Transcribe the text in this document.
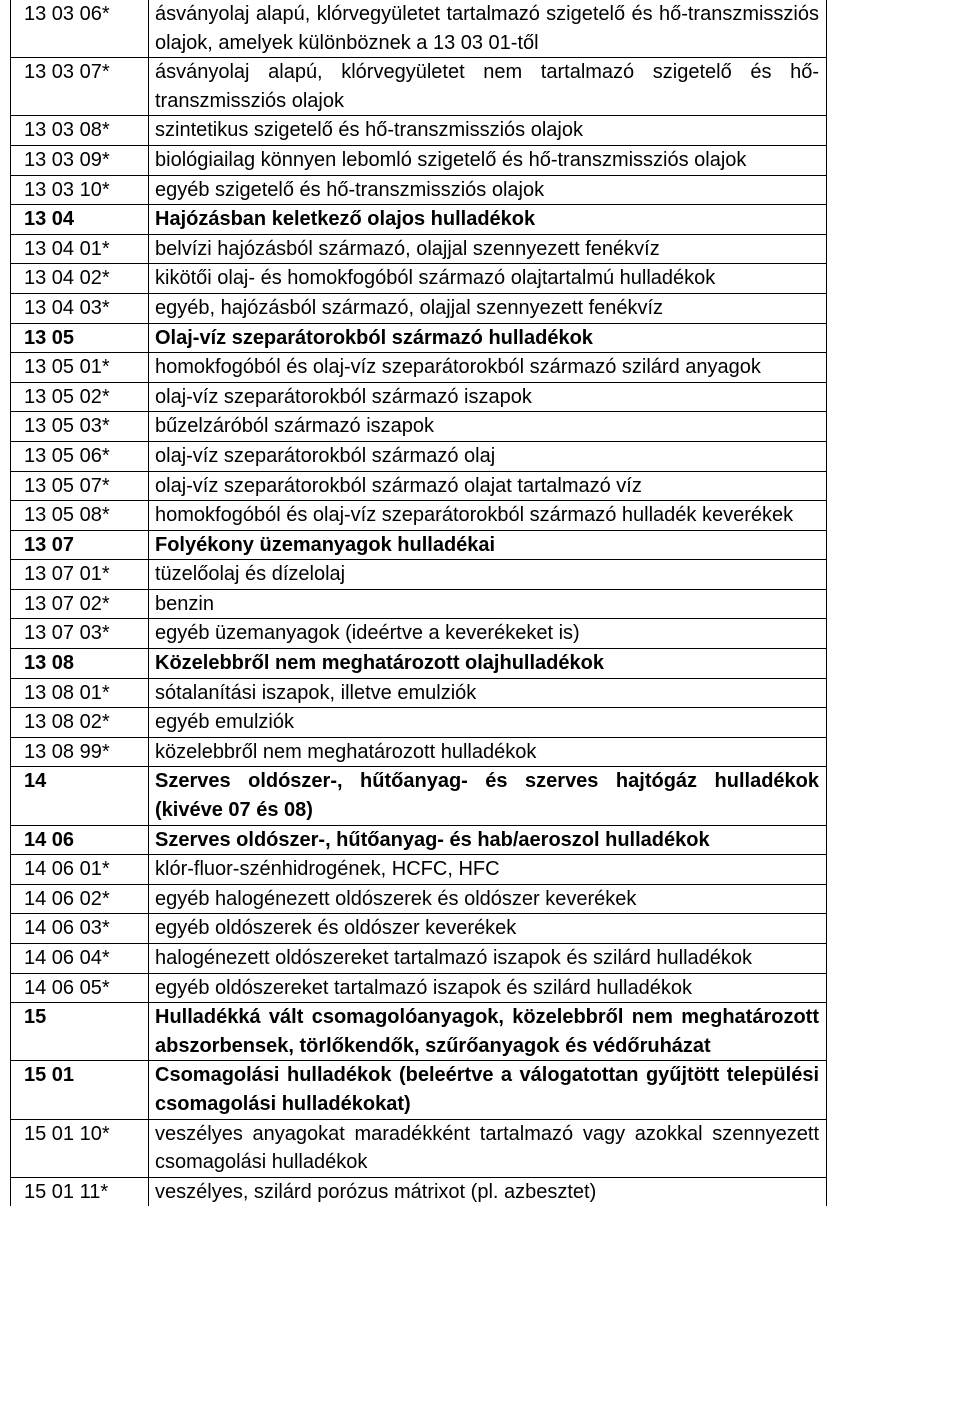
13 03 06*	ásványolaj alapú, klórvegyületet tartalmazó szigetelő és hő-transzmissziós olajok, amelyek különböznek a 13 03 01-től
13 03 07*	ásványolaj alapú, klórvegyületet nem tartalmazó szigetelő és hő-transzmissziós olajok
13 03 08*	szintetikus szigetelő és hő-transzmissziós olajok
13 03 09*	biológiailag könnyen lebomló szigetelő és hő-transzmissziós olajok
13 03 10*	egyéb szigetelő és hő-transzmissziós olajok
13 04	Hajózásban keletkező olajos hulladékok
13 04 01*	belvízi hajózásból származó, olajjal szennyezett fenékvíz
13 04 02*	kikötői olaj- és homokfogóból származó olajtartalmú hulladékok
13 04 03*	egyéb, hajózásból származó, olajjal szennyezett fenékvíz
13 05	Olaj-víz szeparátorokból származó hulladékok
13 05 01*	homokfogóból és olaj-víz szeparátorokból származó szilárd anyagok
13 05 02*	olaj-víz szeparátorokból származó iszapok
13 05 03*	bűzelzáróból származó iszapok
13 05 06*	olaj-víz szeparátorokból származó olaj
13 05 07*	olaj-víz szeparátorokból származó olajat tartalmazó víz
13 05 08*	homokfogóból és olaj-víz szeparátorokból származó hulladék keverékek
13 07	Folyékony üzemanyagok hulladékai
13 07 01*	tüzelőolaj és dízelolaj
13 07 02*	benzin
13 07 03*	egyéb üzemanyagok (ideértve a keverékeket is)
13 08	Közelebbről nem meghatározott olajhulladékok
13 08 01*	sótalanítási iszapok, illetve emulziók
13 08 02*	egyéb emulziók
13 08 99*	közelebbről nem meghatározott hulladékok
14	Szerves oldószer-, hűtőanyag- és szerves hajtógáz hulladékok (kivéve 07 és 08)
14 06	Szerves oldószer-, hűtőanyag- és hab/aeroszol hulladékok
14 06 01*	klór-fluor-szénhidrogének, HCFC, HFC
14 06 02*	egyéb halogénezett oldószerek és oldószer keverékek
14 06 03*	egyéb oldószerek és oldószer keverékek
14 06 04*	halogénezett oldószereket tartalmazó iszapok és szilárd hulladékok
14 06 05*	egyéb oldószereket tartalmazó iszapok és szilárd hulladékok
15	Hulladékká vált csomagolóanyagok, közelebbről nem meghatározott abszorbensek, törlőkendők, szűrőanyagok és védőruházat
15 01	Csomagolási hulladékok (beleértve a válogatottan gyűjtött települési csomagolási hulladékokat)
15 01 10*	veszélyes anyagokat maradékként tartalmazó vagy azokkal szennyezett csomagolási hulladékok
15 01 11*	veszélyes, szilárd porózus mátrixot (pl. azbesztet)
